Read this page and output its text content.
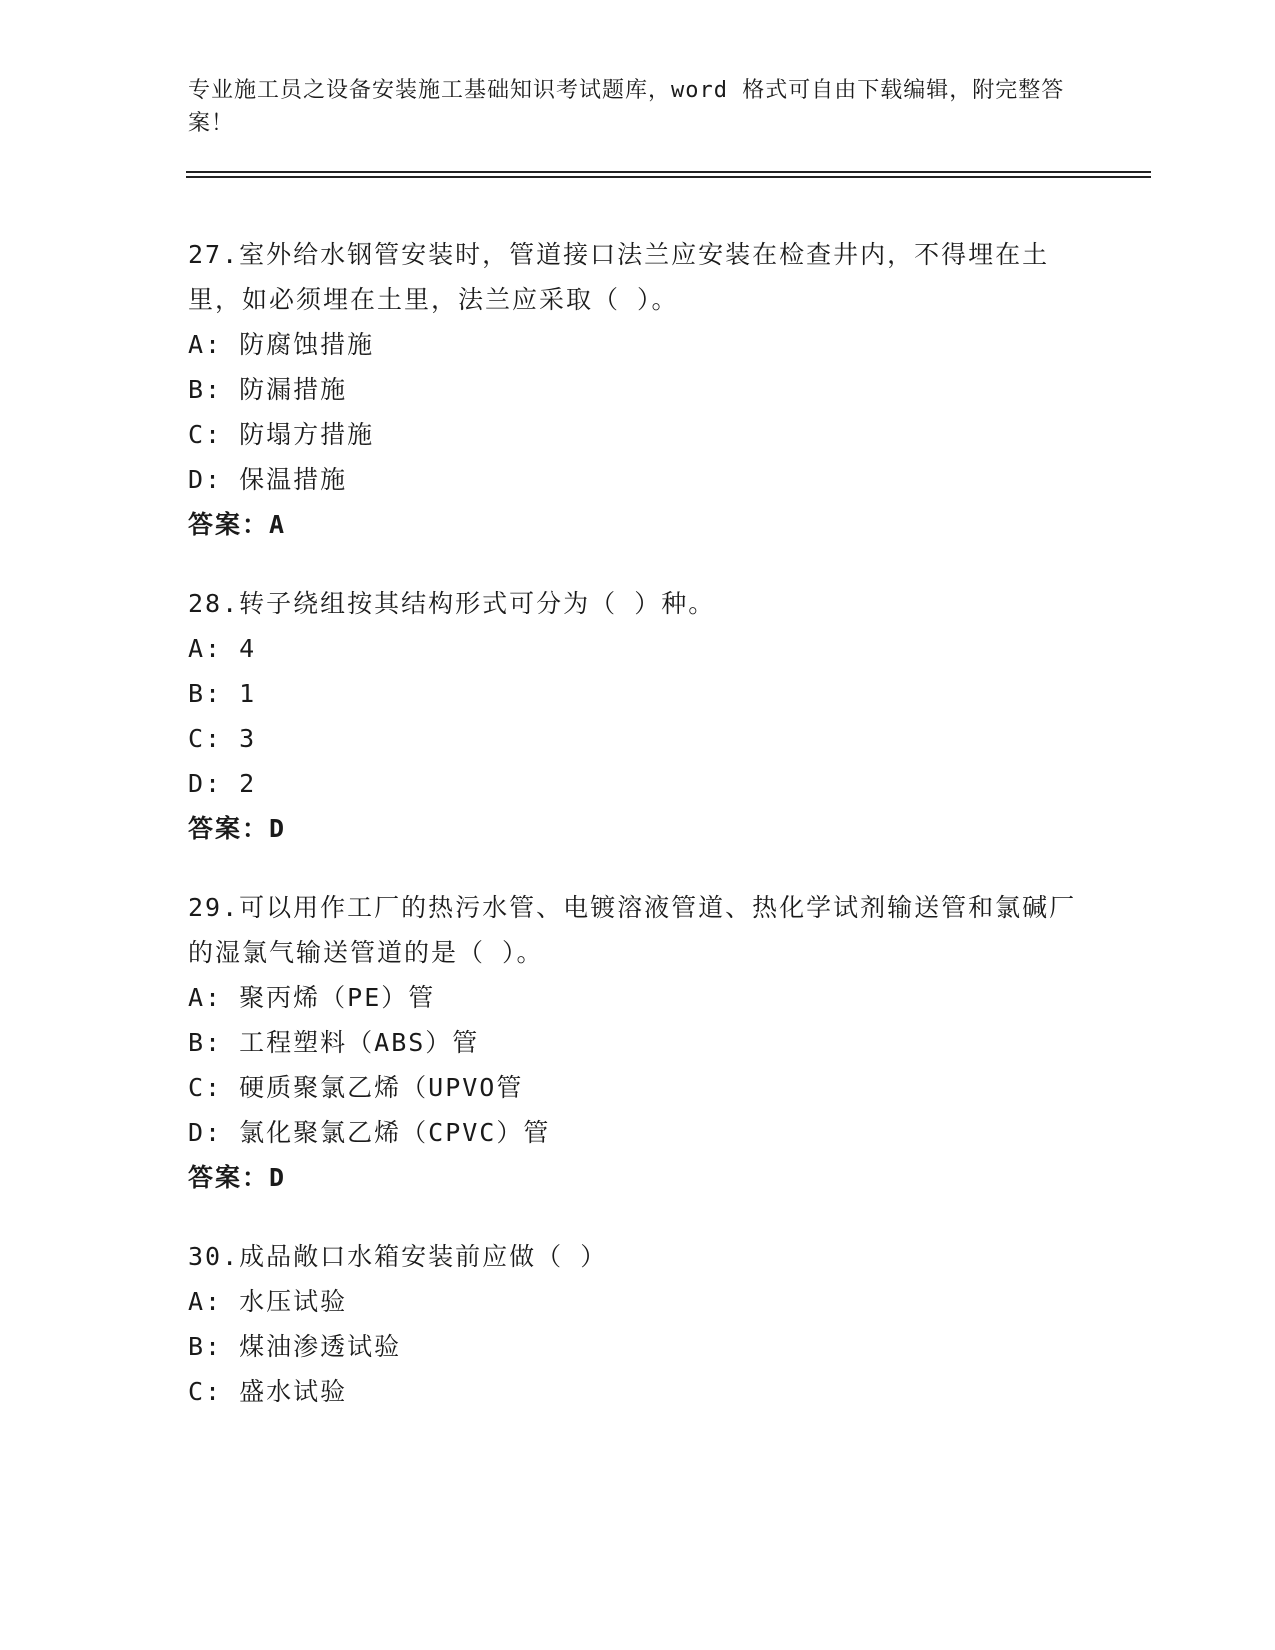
专业施工员之设备安装施工基础知识考试题库，word 格式可自由下载编辑，附完整答案！
27.室外给水钢管安装时，管道接口法兰应安装在检查井内，不得埋在土里，如必须埋在土里，法兰应采取（ ）。
A: 防腐蚀措施
B: 防漏措施
C: 防塌方措施
D: 保温措施
答案：A
28.转子绕组按其结构形式可分为（ ）种。
A: 4
B: 1
C: 3
D: 2
答案：D
29.可以用作工厂的热污水管、电镀溶液管道、热化学试剂输送管和氯碱厂的湿氯气输送管道的是（ ）。
A: 聚丙烯（PE）管
B: 工程塑料（ABS）管
C: 硬质聚氯乙烯（UPVO管
D: 氯化聚氯乙烯（CPVC）管
答案：D
30.成品敞口水箱安装前应做（ ）
A: 水压试验
B: 煤油渗透试验
C: 盛水试验
